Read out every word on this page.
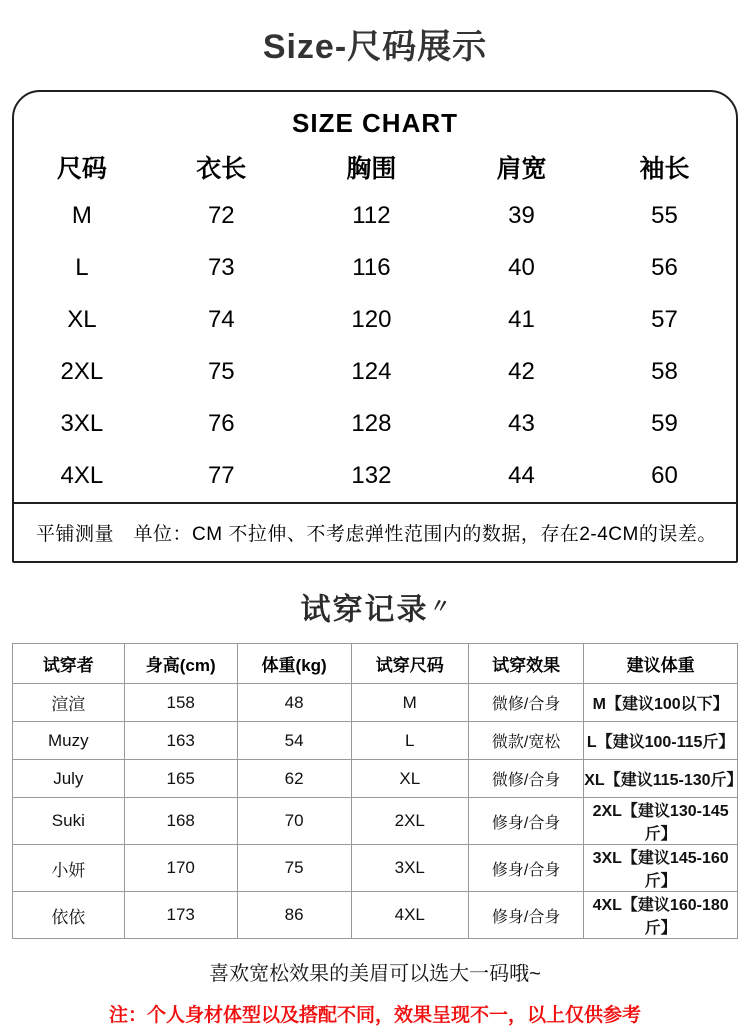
Size-尺码展示
SIZE CHART
尺码	衣长	胸围	肩宽	袖长
M	72	112	39	55
L	73	116	40	56
XL	74	120	41	57
2XL	75	124	42	58
3XL	76	128	43	59
4XL	77	132	44	60
平铺测量　单位：CM 不拉伸、不考虑弹性范围内的数据，存在2-4CM的误差。
试穿记录〃
试穿者	身高(cm)	体重(kg)	试穿尺码	试穿效果	建议体重
渲渲	158	48	M	微修/合身	M【建议100以下】
Muzy	163	54	L	微款/宽松	L【建议100-115斤】
July	165	62	XL	微修/合身	XL【建议115-130斤】
Suki	168	70	2XL	修身/合身	2XL【建议130-145斤】
小妍	170	75	3XL	修身/合身	3XL【建议145-160斤】
依依	173	86	4XL	修身/合身	4XL【建议160-180斤】
喜欢宽松效果的美眉可以选大一码哦~
注：个人身材体型以及搭配不同，效果呈现不一，以上仅供参考
